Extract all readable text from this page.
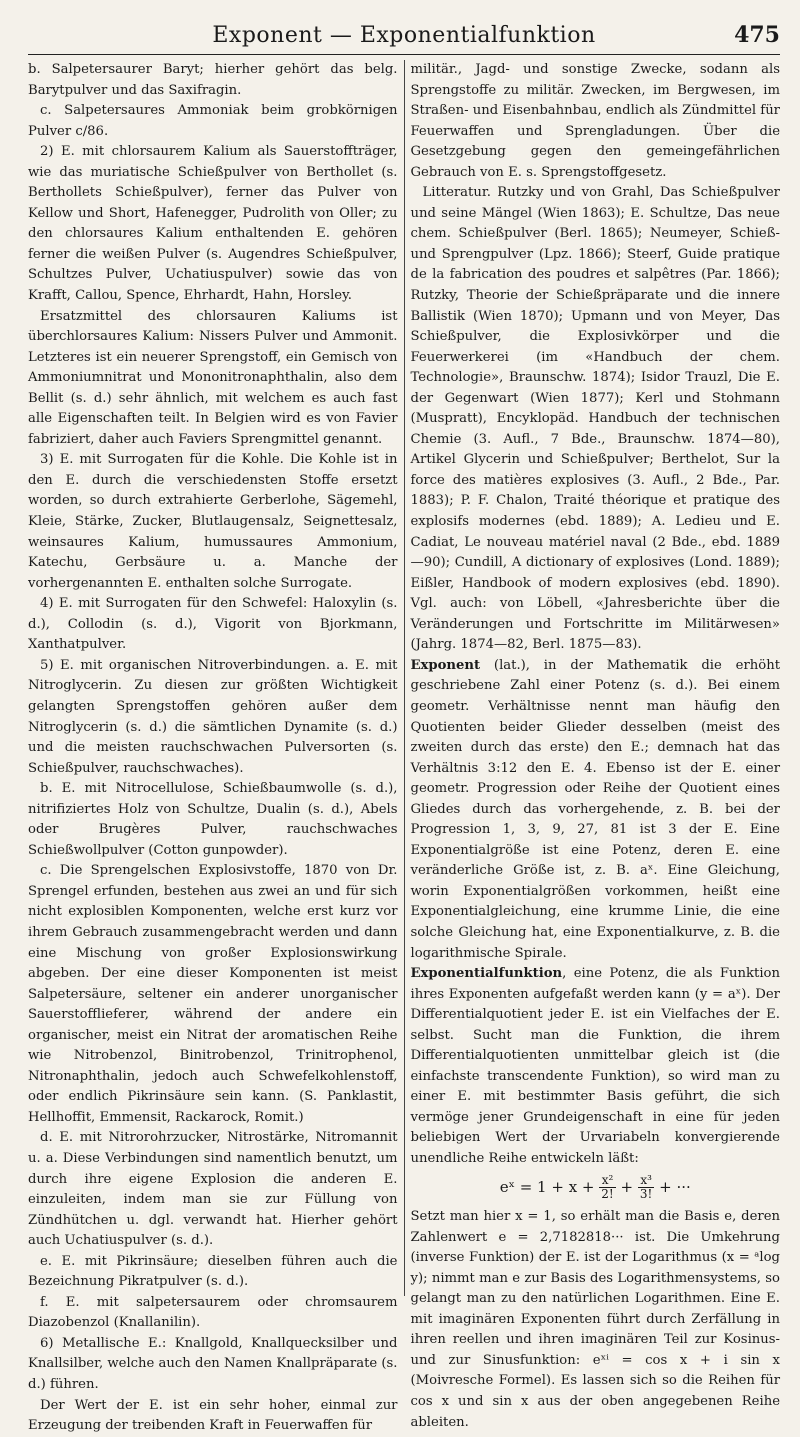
Exponent — Exponentialfunktion	475

b. Salpetersaurer Baryt; hierher gehört das belg. Barytpulver und das Saxifragin.

c. Salpetersaures Ammoniak beim grobkörnigen Pulver c/86.

2) E. mit chlorsaurem Kalium als Sauerstoffträger, wie das muriatische Schießpulver von Berthollet (s. Berthollets Schießpulver), ferner das Pulver von Kellow und Short, Hafenegger, Pudrolith von Oller; zu den chlorsaures Kalium enthaltenden E. gehören ferner die weißen Pulver (s. Augendres Schießpulver, Schultzes Pulver, Uchatiuspulver) sowie das von Krafft, Callou, Spence, Ehrhardt, Hahn, Horsley.

Ersatzmittel des chlorsauren Kaliums ist überchlorsaures Kalium: Nissers Pulver und Ammonit. Letzteres ist ein neuerer Sprengstoff, ein Gemisch von Ammoniumnitrat und Mononitronaphthalin, also dem Bellit (s. d.) sehr ähnlich, mit welchem es auch fast alle Eigenschaften teilt. In Belgien wird es von Favier fabriziert, daher auch Faviers Sprengmittel genannt.

3) E. mit Surrogaten für die Kohle. Die Kohle ist in den E. durch die verschiedensten Stoffe ersetzt worden, so durch extrahierte Gerberlohe, Sägemehl, Kleie, Stärke, Zucker, Blutlaugensalz, Seignettesalz, weinsaures Kalium, humussaures Ammonium, Katechu, Gerbsäure u. a. Manche der vorhergenannten E. enthalten solche Surrogate.

4) E. mit Surrogaten für den Schwefel: Haloxylin (s. d.), Collodin (s. d.), Vigorit von Bjorkmann, Xanthatpulver.

5) E. mit organischen Nitroverbindungen. a. E. mit Nitroglycerin. Zu diesen zur größten Wichtigkeit gelangten Sprengstoffen gehören außer dem Nitroglycerin (s. d.) die sämtlichen Dynamite (s. d.) und die meisten rauchschwachen Pulversorten (s. Schießpulver, rauchschwaches).

b. E. mit Nitrocellulose, Schießbaumwolle (s. d.), nitrifiziertes Holz von Schultze, Dualin (s. d.), Abels oder Brugères Pulver, rauchschwaches Schießwollpulver (Cotton gunpowder).

c. Die Sprengelschen Explosivstoffe, 1870 von Dr. Sprengel erfunden, bestehen aus zwei an und für sich nicht explosiblen Komponenten, welche erst kurz vor ihrem Gebrauch zusammengebracht werden und dann eine Mischung von großer Explosionswirkung abgeben. Der eine dieser Komponenten ist meist Salpetersäure, seltener ein anderer unorganischer Sauerstofflieferer, während der andere ein organischer, meist ein Nitrat der aromatischen Reihe wie Nitrobenzol, Binitrobenzol, Trinitrophenol, Nitronaphthalin, jedoch auch Schwefelkohlenstoff, oder endlich Pikrinsäure sein kann. (S. Panklastit, Hellhoffit, Emmensit, Rackarock, Romit.)

d. E. mit Nitrorohrzucker, Nitrostärke, Nitromannit u. a. Diese Verbindungen sind namentlich benutzt, um durch ihre eigene Explosion die anderen E. einzuleiten, indem man sie zur Füllung von Zündhütchen u. dgl. verwandt hat. Hierher gehört auch Uchatiuspulver (s. d.).

e. E. mit Pikrinsäure; dieselben führen auch die Bezeichnung Pikratpulver (s. d.).

f. E. mit salpetersaurem oder chromsaurem Diazobenzol (Knallanilin).

6) Metallische E.: Knallgold, Knallquecksilber und Knallsilber, welche auch den Namen Knallpräparate (s. d.) führen.

Der Wert der E. ist ein sehr hoher, einmal zur Erzeugung der treibenden Kraft in Feuerwaffen für

militär., Jagd- und sonstige Zwecke, sodann als Sprengstoffe zu militär. Zwecken, im Bergwesen, im Straßen- und Eisenbahnbau, endlich als Zündmittel für Feuerwaffen und Sprengladungen. Über die Gesetzgebung gegen den gemeingefährlichen Gebrauch von E. s. Sprengstoffgesetz.

Litteratur. Rutzky und von Grahl, Das Schießpulver und seine Mängel (Wien 1863); E. Schultze, Das neue chem. Schießpulver (Berl. 1865); Neumeyer, Schieß- und Sprengpulver (Lpz. 1866); Steerf, Guide pratique de la fabrication des poudres et salpêtres (Par. 1866); Rutzky, Theorie der Schießpräparate und die innere Ballistik (Wien 1870); Upmann und von Meyer, Das Schießpulver, die Explosivkörper und die Feuerwerkerei (im «Handbuch der chem. Technologie», Braunschw. 1874); Isidor Trauzl, Die E. der Gegenwart (Wien 1877); Kerl und Stohmann (Muspratt), Encyklopäd. Handbuch der technischen Chemie (3. Aufl., 7 Bde., Braunschw. 1874—80), Artikel Glycerin und Schießpulver; Berthelot, Sur la force des matières explosives (3. Aufl., 2 Bde., Par. 1883); P. F. Chalon, Traité théorique et pratique des explosifs modernes (ebd. 1889); A. Ledieu und E. Cadiat, Le nouveau matériel naval (2 Bde., ebd. 1889—90); Cundill, A dictionary of explosives (Lond. 1889); Eißler, Handbook of modern explosives (ebd. 1890). Vgl. auch: von Löbell, «Jahresberichte über die Veränderungen und Fortschritte im Militärwesen» (Jahrg. 1874—82, Berl. 1875—83).

Exponent (lat.), in der Mathematik die erhöht geschriebene Zahl einer Potenz (s. d.). Bei einem geometr. Verhältnisse nennt man häufig den Quotienten beider Glieder desselben (meist des zweiten durch das erste) den E.; demnach hat das Verhältnis 3:12 den E. 4. Ebenso ist der E. einer geometr. Progression oder Reihe der Quotient eines Gliedes durch das vorhergehende, z. B. bei der Progression 1, 3, 9, 27, 81 ist 3 der E. Eine Exponentialgröße ist eine Potenz, deren E. eine veränderliche Größe ist, z. B. aˣ. Eine Gleichung, worin Exponentialgrößen vorkommen, heißt eine Exponentialgleichung, eine krumme Linie, die eine solche Gleichung hat, eine Exponentialkurve, z. B. die logarithmische Spirale.

Exponentialfunktion, eine Potenz, die als Funktion ihres Exponenten aufgefaßt werden kann (y = aˣ). Der Differentialquotient jeder E. ist ein Vielfaches der E. selbst. Sucht man die Funktion, die ihrem Differentialquotienten unmittelbar gleich ist (die einfachste transcendente Funktion), so wird man zu einer E. mit bestimmter Basis geführt, die sich vermöge jener Grundeigenschaft in eine für jeden beliebigen Wert der Urvariabeln konvergierende unendliche Reihe entwickeln läßt:

eˣ = $1 + x + \frac{\text{x²}}{2!} + \frac{\text{x³}}{3!}$ + ···

Setzt man hier x = 1, so erhält man die Basis e, deren Zahlenwert e = 2,7182818··· ist. Die Umkehrung (inverse Funktion) der E. ist der Logarithmus (x = ᵃlog y); nimmt man e zur Basis des Logarithmensystems, so gelangt man zu den natürlichen Logarithmen. Eine E. mit imaginären Exponenten führt durch Zerfällung in ihren reellen und ihren imaginären Teil zur Kosinus- und zur Sinusfunktion: eˣⁱ = cos x + i sin x (Moivresche Formel). Es lassen sich so die Reihen für cos x und sin x aus der oben angegebenen Reihe ableiten.
